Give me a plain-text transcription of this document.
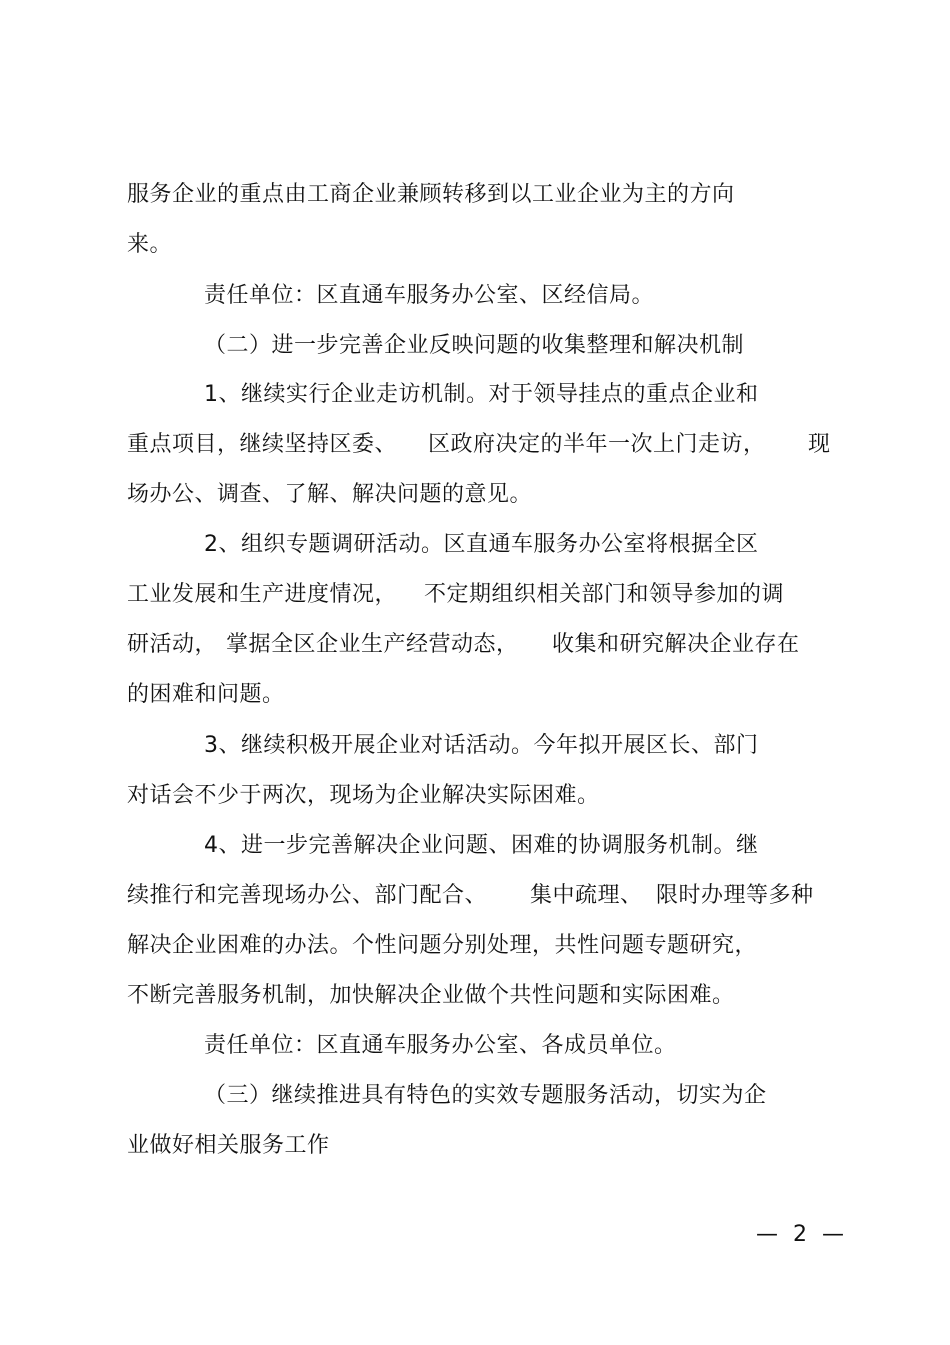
服务企业的重点由工商企业兼顾转移到以工业企业为主的方向
来。
责任单位：区直通车服务办公室、区经信局。
（二）进一步完善企业反映问题的收集整理和解决机制
1、继续实行企业走访机制。对于领导挂点的重点企业和
重点项目，继续坚持区委、 区政府决定的半年一次上门走访， 现
场办公、调查、了解、解决问题的意见。
2、组织专题调研活动。区直通车服务办公室将根据全区
工业发展和生产进度情况， 不定期组织相关部门和领导参加的调
研活动， 掌据全区企业生产经营动态， 收集和研究解决企业存在
的困难和问题。
3、继续积极开展企业对话活动。今年拟开展区长、部门
对话会不少于两次，现场为企业解决实际困难。
4、进一步完善解决企业问题、困难的协调服务机制。继
续推行和完善现场办公、部门配合、 集中疏理、 限时办理等多种
解决企业困难的办法。个性问题分别处理，共性问题专题研究，
不断完善服务机制，加快解决企业做个共性问题和实际困难。
责任单位：区直通车服务办公室、各成员单位。
（三）继续推进具有特色的实效专题服务活动，切实为企
业做好相关服务工作
— 2 —
